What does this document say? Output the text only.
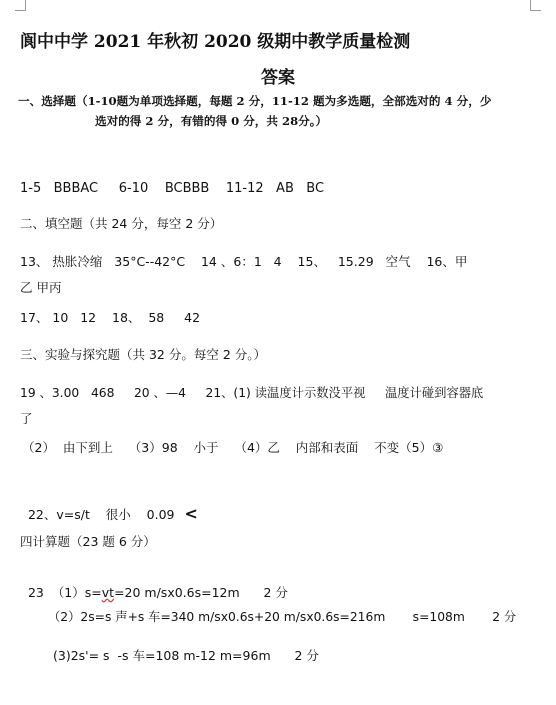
阆中中学 2021 年秋初 2020 级期中教学质量检测
答案
一、选择题（1-10题为单项选择题，每题 2 分，11-12 题为多选题，全部选对的 4 分，少
选对的得 2 分，有错的得 0 分，共 28分。）
1-5   BBBAC     6-10    BCBBB    11-12   AB   BC
二、填空题（共 24 分，每空 2 分）
13、 热胀冷缩   35°C--42°C    14 、6：1   4    15、   15.29   空气    16、甲
乙 甲丙
17、 10   12    18、  58     42
三、实验与探究题（共 32 分。每空 2 分。）
19 、3.00   468     20 、—4     21、(1) 读温度计示数没平视     温度计碰到容器底
了
（2）  由下到上    （3）98    小于    （4）乙    内部和表面    不变（5）③

22、v=s/t    很小    0.09 <

四计算题（23 题 6 分）

23  （1）s=vt=20 m/sx0.6s=12m      2 分

（2）2s=s 声+s 车=340 m/sx0.6s+20 m/sx0.6s=216m       s=108m       2 分
(3)2s'= s  -s 车=108 m-12 m=96m      2 分
